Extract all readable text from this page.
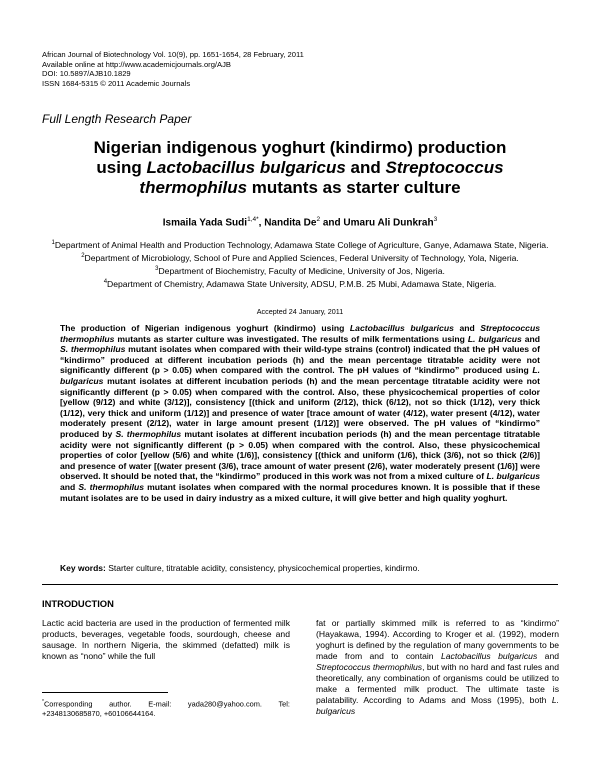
African Journal of Biotechnology Vol. 10(9), pp. 1651-1654, 28 February, 2011
Available online at http://www.academicjournals.org/AJB
DOI: 10.5897/AJB10.1829
ISSN 1684-5315 © 2011 Academic Journals
Full Length Research Paper
Nigerian indigenous yoghurt (kindirmo) production
using Lactobacillus bulgaricus and Streptococcus
thermophilus mutants as starter culture
Ismaila Yada Sudi$^{1,4*}$, Nandita De$^2$ and Umaru Ali Dunkrah$^3$
$^1$Department of Animal Health and Production Technology, Adamawa State College of Agriculture, Ganye, Adamawa State, Nigeria.
$^2$Department of Microbiology, School of Pure and Applied Sciences, Federal University of Technology, Yola, Nigeria.
$^3$Department of Biochemistry, Faculty of Medicine, University of Jos, Nigeria.
$^4$Department of Chemistry, Adamawa State University, ADSU, P.M.B. 25 Mubi, Adamawa State, Nigeria.
Accepted 24 January, 2011
The production of Nigerian indigenous yoghurt (kindirmo) using Lactobacillus bulgaricus and Streptococcus thermophilus mutants as starter culture was investigated. The results of milk fermentations using L. bulgaricus and S. thermophilus mutant isolates when compared with their wild-type strains (control) indicated that the pH values of “kindirmo” produced at different incubation periods (h) and the mean percentage titratable acidity were not significantly different (p > 0.05) when compared with the control. The pH values of “kindirmo” produced using L. bulgaricus mutant isolates at different incubation periods (h) and the mean percentage titratable acidity were not significantly different (p > 0.05) when compared with the control. Also, these physicochemical properties of color [yellow (9/12) and white (3/12)], consistency [(thick and uniform (2/12), thick (6/12), not so thick (1/12), very thick (1/12), very thick and uniform (1/12)] and presence of water [trace amount of water (4/12), water present (4/12), water moderately present (2/12), water in large amount present (1/12)] were observed. The pH values of “kindirmo” produced by S. thermophilus mutant isolates at different incubation periods (h) and the mean percentage titratable acidity were not significantly different (p > 0.05) when compared with the control. Also, these physicochemical properties of color [yellow (5/6) and white (1/6)], consistency [(thick and uniform (1/6), thick (3/6), not so thick (2/6)] and presence of water [(water present (3/6), trace amount of water present (2/6), water moderately present (1/6)] were observed. It should be noted that, the “kindirmo” produced in this work was not from a mixed culture of L. bulgaricus and S. thermophilus mutant isolates when compared with the normal procedures known. It is possible that if these mutant isolates are to be used in dairy industry as a mixed culture, it will give better and high quality yoghurt.
Key words: Starter culture, titratable acidity, consistency, physicochemical properties, kindirmo.
INTRODUCTION
Lactic acid bacteria are used in the production of fermented milk products, beverages, vegetable foods, sourdough, cheese and sausage. In northern Nigeria, the skimmed (defatted) milk is known as “nono” while the full
fat or partially skimmed milk is referred to as “kindirmo” (Hayakawa, 1994). According to Kroger et al. (1992), modern yoghurt is defined by the regulation of many governments to be made from and to contain Lactobacillus bulgaricus and Streptococcus thermophilus, but with no hard and fast rules and theoretically, any combination of organisms could be utilized to make a fermented milk product. The ultimate taste is palatability. According to Adams and Moss (1995), both L. bulgaricus
*Corresponding author. E-mail: yada280@yahoo.com. Tel: +2348130685870, +60106644164.
